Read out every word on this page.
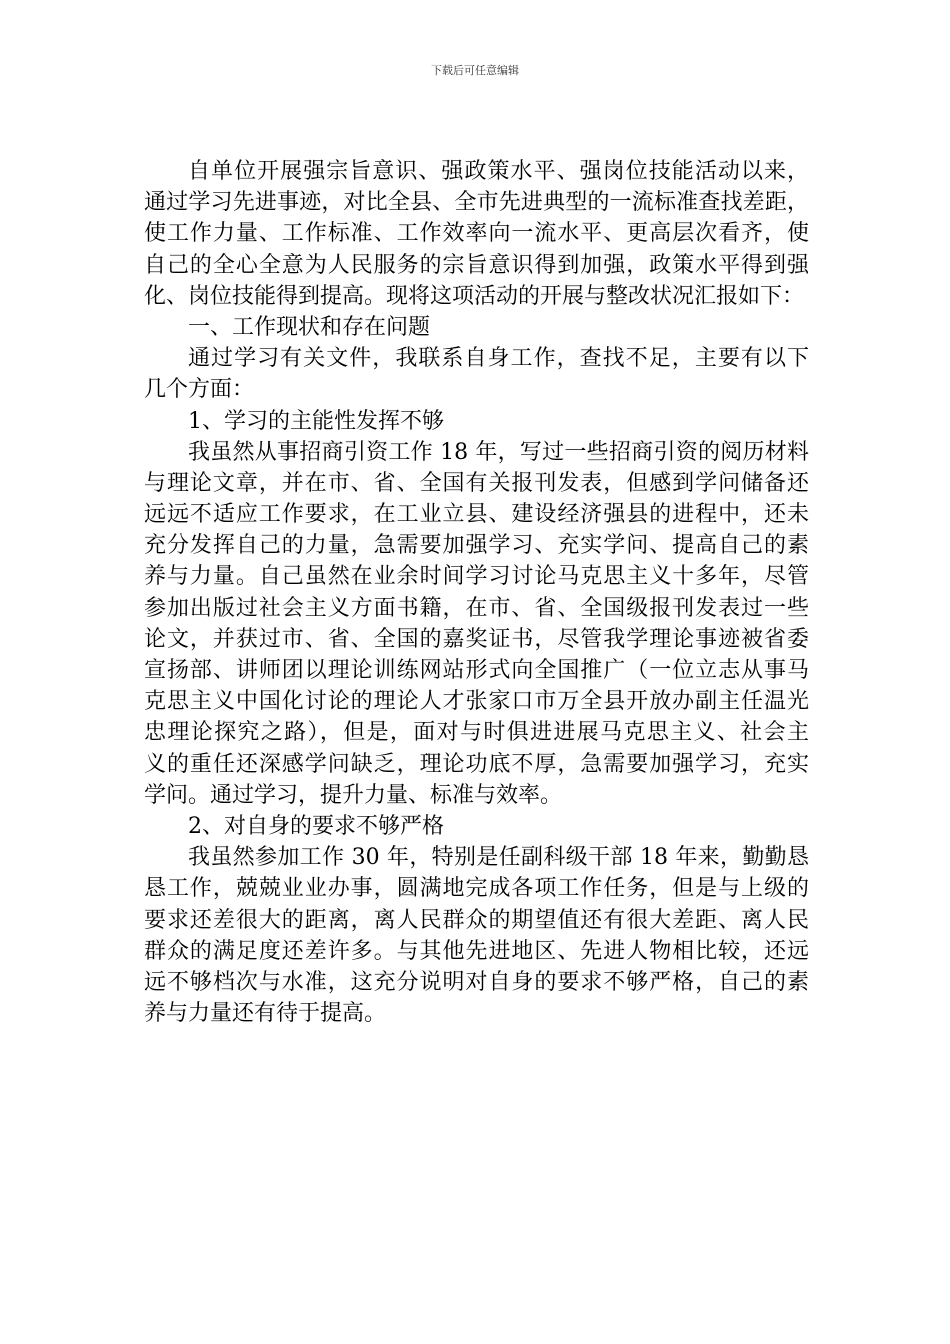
下载后可任意编辑
自单位开展强宗旨意识、强政策水平、强岗位技能活动以来，
通过学习先进事迹，对比全县、全市先进典型的一流标准查找差距，
使工作力量、工作标准、工作效率向一流水平、更高层次看齐，使
自己的全心全意为人民服务的宗旨意识得到加强，政策水平得到强
化、岗位技能得到提高。现将这项活动的开展与整改状况汇报如下：
一、工作现状和存在问题
通过学习有关文件，我联系自身工作，查找不足，主要有以下
几个方面：
1、学习的主能性发挥不够
我虽然从事招商引资工作 18 年，写过一些招商引资的阅历材料
与理论文章，并在市、省、全国有关报刊发表，但感到学问储备还
远远不适应工作要求，在工业立县、建设经济强县的进程中，还未
充分发挥自己的力量，急需要加强学习、充实学问、提高自己的素
养与力量。自己虽然在业余时间学习讨论马克思主义十多年，尽管
参加出版过社会主义方面书籍，在市、省、全国级报刊发表过一些
论文，并获过市、省、全国的嘉奖证书，尽管我学理论事迹被省委
宣扬部、讲师团以理论训练网站形式向全国推广（一位立志从事马
克思主义中国化讨论的理论人才张家口市万全县开放办副主任温光
忠理论探究之路），但是，面对与时俱进进展马克思主义、社会主
义的重任还深感学问缺乏，理论功底不厚，急需要加强学习，充实
学问。通过学习，提升力量、标准与效率。
2、对自身的要求不够严格
我虽然参加工作 30 年，特别是任副科级干部 18 年来，勤勤恳
恳工作，兢兢业业办事，圆满地完成各项工作任务，但是与上级的
要求还差很大的距离，离人民群众的期望值还有很大差距、离人民
群众的满足度还差许多。与其他先进地区、先进人物相比较，还远
远不够档次与水准，这充分说明对自身的要求不够严格，自己的素
养与力量还有待于提高。
